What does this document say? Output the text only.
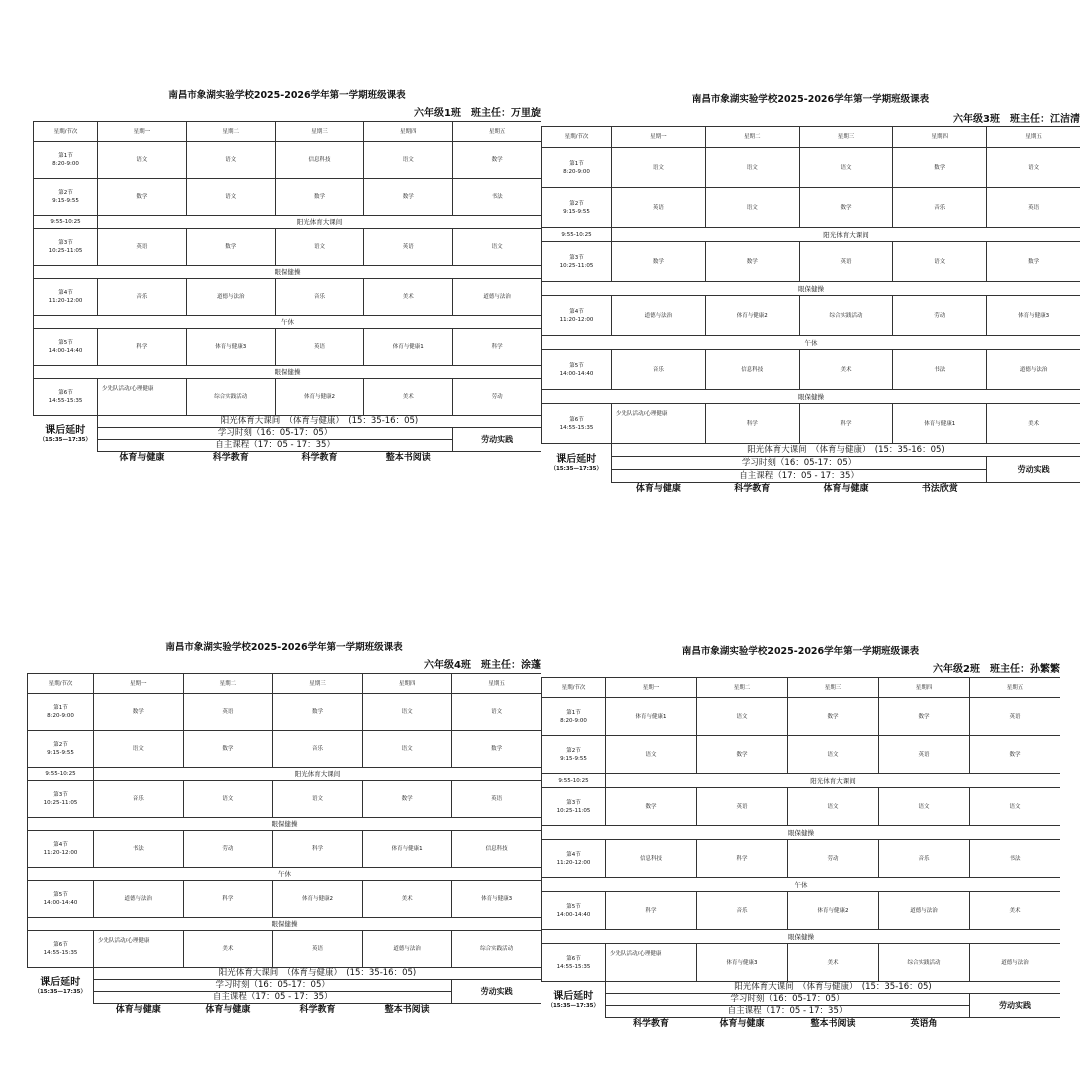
南昌市象湖实验学校2025-2026学年第一学期班级课表
六年级1班 班主任：万里旋
星期/节次	星期一	星期二	星期三	星期四	星期五
第1节
8:20-9:00	语文	语文	信息科技	语文	数学
第2节
9:15-9:55	数学	语文	数学	数学	书法
9:55-10:25	阳光体育大课间				
第3节
10:25-11:05	英语	数学	语文	英语	语文
眼保健操					
第4节
11:20-12:00	音乐	道德与法治	音乐	美术	道德与法治
午休					
第5节
14:00-14:40	科学	体育与健康3	英语	体育与健康1	科学
眼保健操					
第6节
14:55-15:35	少先队活动/心理健康	综合实践活动	体育与健康2	美术	劳动
课后延时
（15:35—17:35）	阳光体育大课间　（体育与健康）　(15：35-16：05)				
	学习时刻（16：05-17：05）				劳动实践
	自主课程（17：05 - 17：35）				
	体育与健康	科学教育	科学教育	整本书阅读	
南昌市象湖实验学校2025-2026学年第一学期班级课表
六年级3班 班主任：江洁清
星期/节次	星期一	星期二	星期三	星期四	星期五
第1节
8:20-9:00	语文	语文	语文	数学	语文
第2节
9:15-9:55	英语	语文	数学	音乐	英语
9:55-10:25	阳光体育大课间				
第3节
10:25-11:05	数学	数学	英语	语文	数学
眼保健操					
第4节
11:20-12:00	道德与法治	体育与健康2	综合实践活动	劳动	体育与健康3
午休					
第5节
14:00-14:40	音乐	信息科技	美术	书法	道德与法治
眼保健操					
第6节
14:55-15:35	少先队活动/心理健康	科学	科学	体育与健康1	美术
课后延时
（15:35—17:35）	阳光体育大课间　（体育与健康）　(15：35-16：05)				
	学习时刻（16：05-17：05）				劳动实践
	自主课程（17：05 - 17：35）				
	体育与健康	科学教育	体育与健康	书法欣赏	
南昌市象湖实验学校2025-2026学年第一学期班级课表
六年级4班 班主任：涂蓬
星期/节次	星期一	星期二	星期三	星期四	星期五
第1节
8:20-9:00	数学	英语	数学	语文	语文
第2节
9:15-9:55	语文	数学	音乐	语文	数学
9:55-10:25	阳光体育大课间				
第3节
10:25-11:05	音乐	语文	语文	数学	英语
眼保健操					
第4节
11:20-12:00	书法	劳动	科学	体育与健康1	信息科技
午休					
第5节
14:00-14:40	道德与法治	科学	体育与健康2	美术	体育与健康3
眼保健操					
第6节
14:55-15:35	少先队活动/心理健康	美术	英语	道德与法治	综合实践活动
课后延时
（15:35—17:35）	阳光体育大课间　（体育与健康）　(15：35-16：05)				
	学习时刻（16：05-17：05）				劳动实践
	自主课程（17：05 - 17：35）				
	体育与健康	体育与健康	科学教育	整本书阅读	
南昌市象湖实验学校2025-2026学年第一学期班级课表
六年级2班 班主任：孙繁繁
星期/节次	星期一	星期二	星期三	星期四	星期五
第1节
8:20-9:00	体育与健康1	语文	数学	数学	英语
第2节
9:15-9:55	语文	数学	语文	英语	数学
9:55-10:25	阳光体育大课间				
第3节
10:25-11:05	数学	英语	语文	语文	语文
眼保健操					
第4节
11:20-12:00	信息科技	科学	劳动	音乐	书法
午休					
第5节
14:00-14:40	科学	音乐	体育与健康2	道德与法治	美术
眼保健操					
第6节
14:55-15:35	少先队活动/心理健康	体育与健康3	美术	综合实践活动	道德与法治
课后延时
（15:35—17:35）	阳光体育大课间　（体育与健康）　(15：35-16：05)				
	学习时刻（16：05-17：05）				劳动实践
	自主课程（17：05 - 17：35）				
	科学教育	体育与健康	整本书阅读	英语角	
